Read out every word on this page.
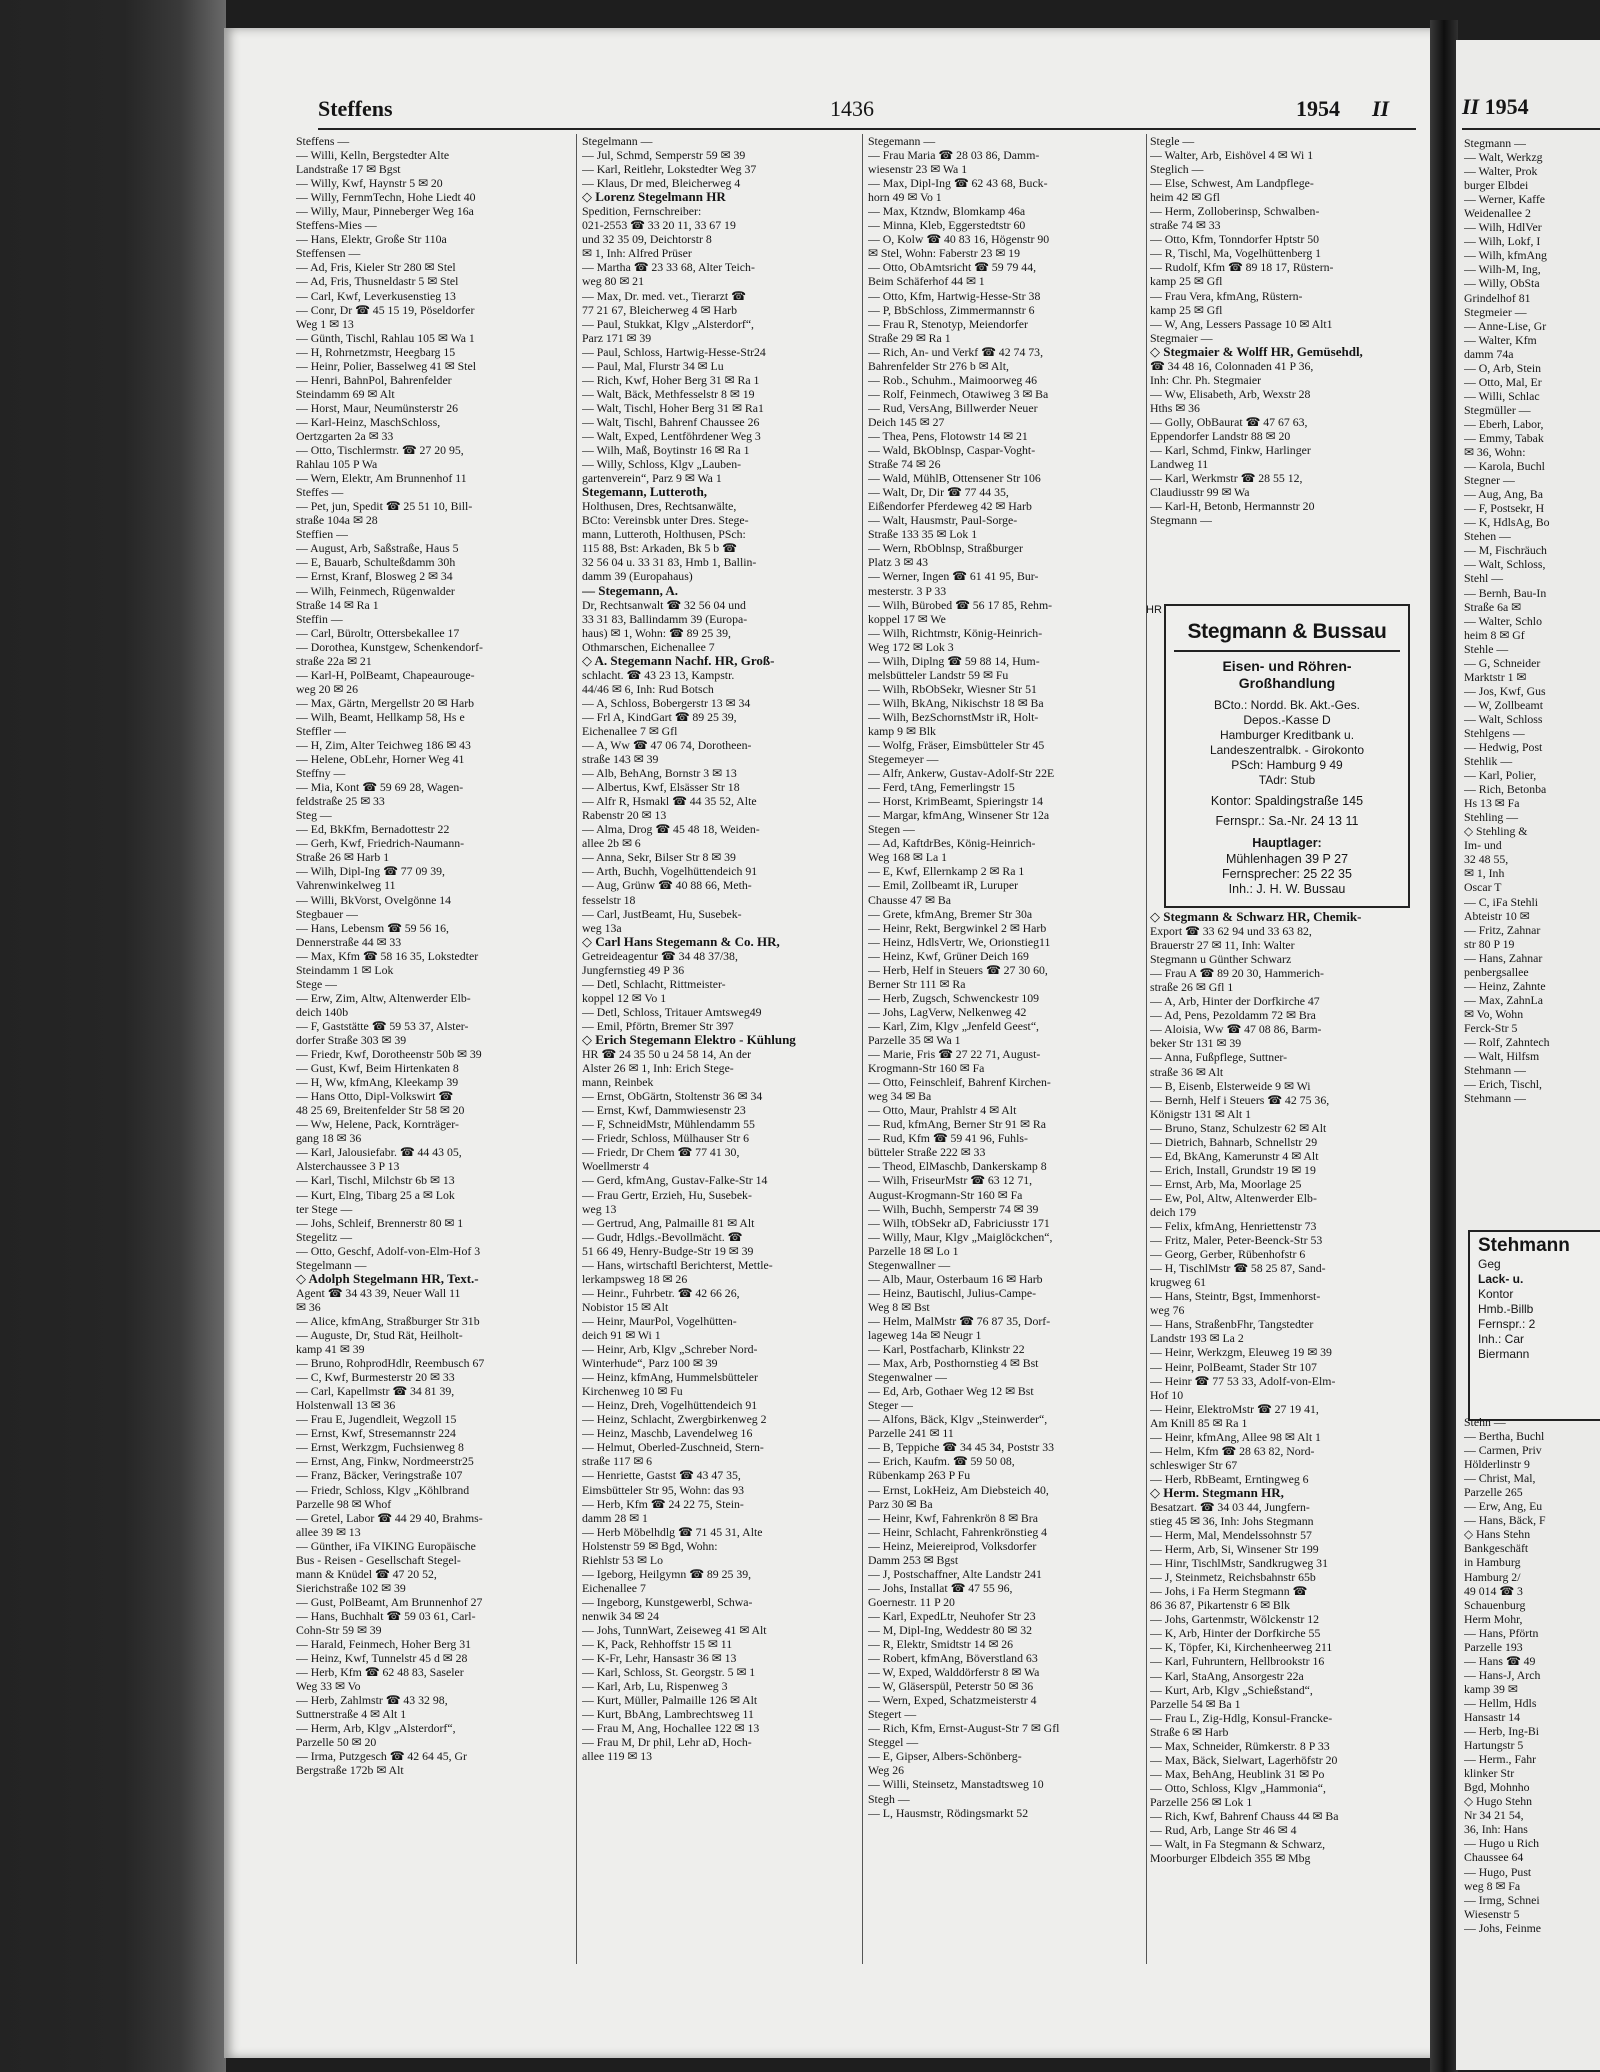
Steffens	1436	1954 II
Steffens —
— Willi, Kelln, Bergstedter Alte
Landstraße 17 ✉ Bgst
— Willy, Kwf, Haynstr 5 ✉ 20
— Willy, FernmTechn, Hohe Liedt 40
— Willy, Maur, Pinneberger Weg 16a
Steffens-Mies —
— Hans, Elektr, Große Str 110a
Steffensen —
— Ad, Fris, Kieler Str 280 ✉ Stel
— Ad, Fris, Thusneldastr 5 ✉ Stel
— Carl, Kwf, Leverkusenstieg 13
— Conr, Dr ☎ 45 15 19, Pöseldorfer
Weg 1 ✉ 13
— Günth, Tischl, Rahlau 105 ✉ Wa 1
— H, Rohrnetzmstr, Heegbarg 15
— Heinr, Polier, Basselweg 41 ✉ Stel
— Henri, BahnPol, Bahrenfelder
Steindamm 69 ✉ Alt
— Horst, Maur, Neumünsterstr 26
— Karl-Heinz, MaschSchloss,
Oertzgarten 2a ✉ 33
— Otto, Tischlermstr. ☎ 27 20 95,
Rahlau 105 P Wa
— Wern, Elektr, Am Brunnenhof 11
Steffes —
— Pet, jun, Spedit ☎ 25 51 10, Bill-
straße 104a ✉ 28
Steffien —
— August, Arb, Saßstraße, Haus 5
— E, Bauarb, Schulteßdamm 30h
— Ernst, Kranf, Blosweg 2 ✉ 34
— Wilh, Feinmech, Rügenwalder
Straße 14 ✉ Ra 1
Steffin —
— Carl, Büroltr, Ottersbekallee 17
— Dorothea, Kunstgew, Schenkendorf-
straße 22a ✉ 21
— Karl-H, PolBeamt, Chapeaurouge-
weg 20 ✉ 26
— Max, Gärtn, Mergellstr 20 ✉ Harb
— Wilh, Beamt, Hellkamp 58, Hs e
Steffler —
— H, Zim, Alter Teichweg 186 ✉ 43
— Helene, ObLehr, Horner Weg 41
Steffny —
— Mia, Kont ☎ 59 69 28, Wagen-
feldstraße 25 ✉ 33
Steg —
— Ed, BkKfm, Bernadottestr 22
— Gerh, Kwf, Friedrich-Naumann-
Straße 26 ✉ Harb 1
— Wilh, Dipl-Ing ☎ 77 09 39,
Vahrenwinkelweg 11
— Willi, BkVorst, Ovelgönne 14
Stegbauer —
— Hans, Lebensm ☎ 59 56 16,
Dennerstraße 44 ✉ 33
— Max, Kfm ☎ 58 16 35, Lokstedter
Steindamm 1 ✉ Lok
Stege —
— Erw, Zim, Altw, Altenwerder Elb-
deich 140b
— F, Gaststätte ☎ 59 53 37, Alster-
dorfer Straße 303 ✉ 39
— Friedr, Kwf, Dorotheenstr 50b ✉ 39
— Gust, Kwf, Beim Hirtenkaten 8
— H, Ww, kfmAng, Kleekamp 39
— Hans Otto, Dipl-Volkswirt ☎
48 25 69, Breitenfelder Str 58 ✉ 20
— Ww, Helene, Pack, Kornträger-
gang 18 ✉ 36
— Karl, Jalousiefabr. ☎ 44 43 05,
Alsterchaussee 3 P 13
— Karl, Tischl, Milchstr 6b ✉ 13
— Kurt, Elng, Tibarg 25 a ✉ Lok
ter Stege —
— Johs, Schleif, Brennerstr 80 ✉ 1
Stegelitz —
— Otto, Geschf, Adolf-von-Elm-Hof 3
Stegelmann —
◇ Adolph Stegelmann HR, Text.-
Agent ☎ 34 43 39, Neuer Wall 11
✉ 36
— Alice, kfmAng, Straßburger Str 31b
— Auguste, Dr, Stud Rät, Heilholt-
kamp 41 ✉ 39
— Bruno, RohprodHdlr, Reembusch 67
— C, Kwf, Burmesterstr 20 ✉ 33
— Carl, Kapellmstr ☎ 34 81 39,
Holstenwall 13 ✉ 36
— Frau E, Jugendleit, Wegzoll 15
— Ernst, Kwf, Stresemannstr 224
— Ernst, Werkzgm, Fuchsienweg 8
— Ernst, Ang, Finkw, Nordmeerstr25
— Franz, Bäcker, Veringstraße 107
— Friedr, Schloss, Klgv „Köhlbrand
Parzelle 98 ✉ Whof
— Gretel, Labor ☎ 44 29 40, Brahms-
allee 39 ✉ 13
— Günther, iFa VIKING Europäische
Bus - Reisen - Gesellschaft Stegel-
mann & Knüdel ☎ 47 20 52,
Sierichstraße 102 ✉ 39
— Gust, PolBeamt, Am Brunnenhof 27
— Hans, Buchhalt ☎ 59 03 61, Carl-
Cohn-Str 59 ✉ 39
— Harald, Feinmech, Hoher Berg 31
— Heinz, Kwf, Tunnelstr 45 d ✉ 28
— Herb, Kfm ☎ 62 48 83, Saseler
Weg 33 ✉ Vo
— Herb, Zahlmstr ☎ 43 32 98,
Suttnerstraße 4 ✉ Alt 1
— Herm, Arb, Klgv „Alsterdorf“,
Parzelle 50 ✉ 20
— Irma, Putzgesch ☎ 42 64 45, Gr
Bergstraße 172b ✉ Alt
Stegelmann —
— Jul, Schmd, Semperstr 59 ✉ 39
— Karl, Reitlehr, Lokstedter Weg 37
— Klaus, Dr med, Bleicherweg 4
◇ Lorenz Stegelmann HR
Spedition, Fernschreiber:
021-2553 ☎ 33 20 11, 33 67 19
und 32 35 09, Deichtorstr 8
✉ 1, Inh: Alfred Prüser
— Martha ☎ 23 33 68, Alter Teich-
weg 80 ✉ 21
— Max, Dr. med. vet., Tierarzt ☎
77 21 67, Bleicherweg 4 ✉ Harb
— Paul, Stukkat, Klgv „Alsterdorf“,
Parz 171 ✉ 39
— Paul, Schloss, Hartwig-Hesse-Str24
— Paul, Mal, Flurstr 34 ✉ Lu
— Rich, Kwf, Hoher Berg 31 ✉ Ra 1
— Walt, Bäck, Methfesselstr 8 ✉ 19
— Walt, Tischl, Hoher Berg 31 ✉ Ra1
— Walt, Tischl, Bahrenf Chaussee 26
— Walt, Exped, Lentföhrdener Weg 3
— Wilh, Maß, Boytinstr 16 ✉ Ra 1
— Willy, Schloss, Klgv „Lauben-
gartenverein“, Parz 9 ✉ Wa 1
Stegemann, Lutteroth,
Holthusen, Dres, Rechtsanwälte,
BCto: Vereinsbk unter Dres. Stege-
mann, Lutteroth, Holthusen, PSch:
115 88, Bst: Arkaden, Bk 5 b ☎
32 56 04 u. 33 31 83, Hmb 1, Ballin-
damm 39 (Europahaus)
— Stegemann, A.
Dr, Rechtsanwalt ☎ 32 56 04 und
33 31 83, Ballindamm 39 (Europa-
haus) ✉ 1, Wohn: ☎ 89 25 39,
Othmarschen, Eichenallee 7
◇ A. Stegemann Nachf. HR, Groß-
schlacht. ☎ 43 23 13, Kampstr.
44/46 ✉ 6, Inh: Rud Botsch
— A, Schloss, Bobergerstr 13 ✉ 34
— Frl A, KindGart ☎ 89 25 39,
Eichenallee 7 ✉ Gfl
— A, Ww ☎ 47 06 74, Dorotheen-
straße 143 ✉ 39
— Alb, BehAng, Bornstr 3 ✉ 13
— Albertus, Kwf, Elsässer Str 18
— Alfr R, Hsmakl ☎ 44 35 52, Alte
Rabenstr 20 ✉ 13
— Alma, Drog ☎ 45 48 18, Weiden-
allee 2b ✉ 6
— Anna, Sekr, Bilser Str 8 ✉ 39
— Arth, Buchh, Vogelhüttendeich 91
— Aug, Grünw ☎ 40 88 66, Meth-
fesselstr 18
— Carl, JustBeamt, Hu, Susebek-
weg 13a
◇ Carl Hans Stegemann & Co. HR,
Getreideagentur ☎ 34 48 37/38,
Jungfernstieg 49 P 36
— Detl, Schlacht, Rittmeister-
koppel 12 ✉ Vo 1
— Detl, Schloss, Tritauer Amtsweg49
— Emil, Pförtn, Bremer Str 397
◇ Erich Stegemann Elektro - Kühlung
HR ☎ 24 35 50 u 24 58 14, An der
Alster 26 ✉ 1, Inh: Erich Stege-
mann, Reinbek
— Ernst, ObGärtn, Stoltenstr 36 ✉ 34
— Ernst, Kwf, Dammwiesenstr 23
— F, SchneidMstr, Mühlendamm 55
— Friedr, Schloss, Mülhauser Str 6
— Friedr, Dr Chem ☎ 77 41 30,
Woellmerstr 4
— Gerd, kfmAng, Gustav-Falke-Str 14
— Frau Gertr, Erzieh, Hu, Susebek-
weg 13
— Gertrud, Ang, Palmaille 81 ✉ Alt
— Gudr, Hdlgs.-Bevollmächt. ☎
51 66 49, Henry-Budge-Str 19 ✉ 39
— Hans, wirtschaftl Berichterst, Mettle-
lerkampsweg 18 ✉ 26
— Heinr., Fuhrbetr. ☎ 42 66 26,
Nobistor 15 ✉ Alt
— Heinr, MaurPol, Vogelhütten-
deich 91 ✉ Wi 1
— Heinr, Arb, Klgv „Schreber Nord-
Winterhude“, Parz 100 ✉ 39
— Heinz, kfmAng, Hummelsbütteler
Kirchenweg 10 ✉ Fu
— Heinz, Dreh, Vogelhüttendeich 91
— Heinz, Schlacht, Zwergbirkenweg 2
— Heinz, Maschb, Lavendelweg 16
— Helmut, Oberled-Zuschneid, Stern-
straße 117 ✉ 6
— Henriette, Gastst ☎ 43 47 35,
Eimsbütteler Str 95, Wohn: das 93
— Herb, Kfm ☎ 24 22 75, Stein-
damm 28 ✉ 1
— Herb Möbelhdlg ☎ 71 45 31, Alte
Holstenstr 59 ✉ Bgd, Wohn:
Riehlstr 53 ✉ Lo
— Igeborg, Heilgymn ☎ 89 25 39,
Eichenallee 7
— Ingeborg, Kunstgewerbl, Schwa-
nenwik 34 ✉ 24
— Johs, TunnWart, Zeiseweg 41 ✉ Alt
— K, Pack, Rehhoffstr 15 ✉ 11
— K-Fr, Lehr, Hansastr 36 ✉ 13
— Karl, Schloss, St. Georgstr. 5 ✉ 1
— Karl, Arb, Lu, Rispenweg 3
— Kurt, Müller, Palmaille 126 ✉ Alt
— Kurt, BbAng, Lambrechtsweg 11
— Frau M, Ang, Hochallee 122 ✉ 13
— Frau M, Dr phil, Lehr aD, Hoch-
allee 119 ✉ 13
Stegemann —
— Frau Maria ☎ 28 03 86, Damm-
wiesenstr 23 ✉ Wa 1
— Max, Dipl-Ing ☎ 62 43 68, Buck-
horn 49 ✉ Vo 1
— Max, Ktzndw, Blomkamp 46a
— Minna, Kleb, Eggerstedtstr 60
— O, Kolw ☎ 40 83 16, Högenstr 90
✉ Stel, Wohn: Faberstr 23 ✉ 19
— Otto, ObAmtsricht ☎ 59 79 44,
Beim Schäferhof 44 ✉ 1
— Otto, Kfm, Hartwig-Hesse-Str 38
— P, BbSchloss, Zimmermannstr 6
— Frau R, Stenotyp, Meiendorfer
Straße 29 ✉ Ra 1
— Rich, An- und Verkf ☎ 42 74 73,
Bahrenfelder Str 276 b ✉ Alt,
— Rob., Schuhm., Maimoorweg 46
— Rolf, Feinmech, Otawiweg 3 ✉ Ba
— Rud, VersAng, Billwerder Neuer
Deich 145 ✉ 27
— Thea, Pens, Flotowstr 14 ✉ 21
— Wald, BkOblnsp, Caspar-Voght-
Straße 74 ✉ 26
— Wald, MühlB, Ottensener Str 106
— Walt, Dr, Dir ☎ 77 44 35,
Eißendorfer Pferdeweg 42 ✉ Harb
— Walt, Hausmstr, Paul-Sorge-
Straße 133 35 ✉ Lok 1
— Wern, RbOblnsp, Straßburger
Platz 3 ✉ 43
— Werner, Ingen ☎ 61 41 95, Bur-
mesterstr. 3 P 33
— Wilh, Bürobed ☎ 56 17 85, Rehm-
koppel 17 ✉ We
— Wilh, Richtmstr, König-Heinrich-
Weg 172 ✉ Lok 3
— Wilh, Diplng ☎ 59 88 14, Hum-
melsbütteler Landstr 59 ✉ Fu
— Wilh, RbObSekr, Wiesner Str 51
— Wilh, BkAng, Nikischstr 18 ✉ Ba
— Wilh, BezSchornstMstr iR, Holt-
kamp 9 ✉ Blk
— Wolfg, Fräser, Eimsbütteler Str 45
Stegemeyer —
— Alfr, Ankerw, Gustav-Adolf-Str 22E
— Ferd, tAng, Femerlingstr 15
— Horst, KrimBeamt, Spieringstr 14
— Margar, kfmAng, Winsener Str 12a
Stegen —
— Ad, KaftdrBes, König-Heinrich-
Weg 168 ✉ La 1
— E, Kwf, Ellernkamp 2 ✉ Ra 1
— Emil, Zollbeamt iR, Luruper
Chausse 47 ✉ Ba
— Grete, kfmAng, Bremer Str 30a
— Heinr, Rekt, Bergwinkel 2 ✉ Harb
— Heinz, HdlsVertr, We, Orionstieg11
— Heinz, Kwf, Grüner Deich 169
— Herb, Helf in Steuers ☎ 27 30 60,
Berner Str 111 ✉ Ra
— Herb, Zugsch, Schwenckestr 109
— Johs, LagVerw, Nelkenweg 42
— Karl, Zim, Klgv „Jenfeld Geest“,
Parzelle 35 ✉ Wa 1
— Marie, Fris ☎ 27 22 71, August-
Krogmann-Str 160 ✉ Fa
— Otto, Feinschleif, Bahrenf Kirchen-
weg 34 ✉ Ba
— Otto, Maur, Prahlstr 4 ✉ Alt
— Rud, kfmAng, Berner Str 91 ✉ Ra
— Rud, Kfm ☎ 59 41 96, Fuhls-
bütteler Straße 222 ✉ 33
— Theod, ElMaschb, Dankerskamp 8
— Wilh, FriseurMstr ☎ 63 12 71,
August-Krogmann-Str 160 ✉ Fa
— Wilh, Buchh, Semperstr 74 ✉ 39
— Wilh, tObSekr aD, Fabriciusstr 171
— Willy, Maur, Klgv „Maiglöckchen“,
Parzelle 18 ✉ Lo 1
Stegenwallner —
— Alb, Maur, Osterbaum 16 ✉ Harb
— Heinz, Bautischl, Julius-Campe-
Weg 8 ✉ Bst
— Helm, MalMstr ☎ 76 87 35, Dorf-
lageweg 14a ✉ Neugr 1
— Karl, Postfacharb, Klinkstr 22
— Max, Arb, Posthornstieg 4 ✉ Bst
Stegenwalner —
— Ed, Arb, Gothaer Weg 12 ✉ Bst
Steger —
— Alfons, Bäck, Klgv „Steinwerder“,
Parzelle 241 ✉ 11
— B, Teppiche ☎ 34 45 34, Poststr 33
— Erich, Kaufm. ☎ 59 50 08,
Rübenkamp 263 P Fu
— Ernst, LokHeiz, Am Diebsteich 40,
Parz 30 ✉ Ba
— Heinr, Kwf, Fahrenkrön 8 ✉ Bra
— Heinr, Schlacht, Fahrenkrönstieg 4
— Heinz, Meiereiprod, Volksdorfer
Damm 253 ✉ Bgst
— J, Postschaffner, Alte Landstr 241
— Johs, Installat ☎ 47 55 96,
Goernestr. 11 P 20
— Karl, ExpedLtr, Neuhofer Str 23
— M, Dipl-Ing, Weddestr 80 ✉ 32
— R, Elektr, Smidtstr 14 ✉ 26
— Robert, kfmAng, Böverstland 63
— W, Exped, Walddörferstr 8 ✉ Wa
— W, Gläserspül, Peterstr 50 ✉ 36
— Wern, Exped, Schatzmeisterstr 4
Stegert —
— Rich, Kfm, Ernst-August-Str 7 ✉ Gfl
Steggel —
— E, Gipser, Albers-Schönberg-
Weg 26
— Willi, Steinsetz, Manstadtsweg 10
Stegh —
— L, Hausmstr, Rödingsmarkt 52
Stegle —
— Walter, Arb, Eishövel 4 ✉ Wi 1
Steglich —
— Else, Schwest, Am Landpflege-
heim 42 ✉ Gfl
— Herm, Zolloberinsp, Schwalben-
straße 74 ✉ 33
— Otto, Kfm, Tonndorfer Hptstr 50
— R, Tischl, Ma, Vogelhüttenberg 1
— Rudolf, Kfm ☎ 89 18 17, Rüstern-
kamp 25 ✉ Gfl
— Frau Vera, kfmAng, Rüstern-
kamp 25 ✉ Gfl
— W, Ang, Lessers Passage 10 ✉ Alt1
Stegmaier —
◇ Stegmaier & Wolff HR, Gemüsehdl,
☎ 34 48 16, Colonnaden 41 P 36,
Inh: Chr. Ph. Stegmaier
— Ww, Elisabeth, Arb, Wexstr 28
Hths ✉ 36
— Golly, ObBaurat ☎ 47 67 63,
Eppendorfer Landstr 88 ✉ 20
— Karl, Schmd, Finkw, Harlinger
Landweg 11
— Karl, Werkmstr ☎ 28 55 12,
Claudiusstr 99 ✉ Wa
— Karl-H, Betonb, Hermannstr 20
Stegmann —
HR
Stegmann & Bussau
Eisen- und Röhren-
Großhandlung
BCto.: Nordd. Bk. Akt.-Ges.
Depos.-Kasse D
Hamburger Kreditbank u.
Landeszentralbk. - Girokonto
PSch: Hamburg 9 49
TAdr: Stub
Kontor: Spaldingstraße 145
Fernspr.: Sa.-Nr. 24 13 11
Hauptlager:
Mühlenhagen 39 P 27
Fernsprecher: 25 22 35
Inh.: J. H. W. Bussau
◇ Stegmann & Schwarz HR, Chemik-
Export ☎ 33 62 94 und 33 63 82,
Brauerstr 27 ✉ 11, Inh: Walter
Stegmann u Günther Schwarz
— Frau A ☎ 89 20 30, Hammerich-
straße 26 ✉ Gfl 1
— A, Arb, Hinter der Dorfkirche 47
— Ad, Pens, Pezoldamm 72 ✉ Bra
— Aloisia, Ww ☎ 47 08 86, Barm-
beker Str 131 ✉ 39
— Anna, Fußpflege, Suttner-
straße 36 ✉ Alt
— B, Eisenb, Elsterweide 9 ✉ Wi
— Bernh, Helf i Steuers ☎ 42 75 36,
Königstr 131 ✉ Alt 1
— Bruno, Stanz, Schulzestr 62 ✉ Alt
— Dietrich, Bahnarb, Schnellstr 29
— Ed, BkAng, Kamerunstr 4 ✉ Alt
— Erich, Install, Grundstr 19 ✉ 19
— Ernst, Arb, Ma, Moorlage 25
— Ew, Pol, Altw, Altenwerder Elb-
deich 179
— Felix, kfmAng, Henriettenstr 73
— Fritz, Maler, Peter-Beenck-Str 53
— Georg, Gerber, Rübenhofstr 6
— H, TischlMstr ☎ 58 25 87, Sand-
krugweg 61
— Hans, Steintr, Bgst, Immenhorst-
weg 76
— Hans, StraßenbFhr, Tangstedter
Landstr 193 ✉ La 2
— Heinr, Werkzgm, Eleuweg 19 ✉ 39
— Heinr, PolBeamt, Stader Str 107
— Heinr ☎ 77 53 33, Adolf-von-Elm-
Hof 10
— Heinr, ElektroMstr ☎ 27 19 41,
Am Knill 85 ✉ Ra 1
— Heinr, kfmAng, Allee 98 ✉ Alt 1
— Helm, Kfm ☎ 28 63 82, Nord-
schleswiger Str 67
— Herb, RbBeamt, Erntingweg 6
◇ Herm. Stegmann HR,
Besatzart. ☎ 34 03 44, Jungfern-
stieg 45 ✉ 36, Inh: Johs Stegmann
— Herm, Mal, Mendelssohnstr 57
— Herm, Arb, Si, Winsener Str 199
— Hinr, TischlMstr, Sandkrugweg 31
— J, Steinmetz, Reichsbahnstr 65b
— Johs, i Fa Herm Stegmann ☎
86 36 87, Pikartenstr 6 ✉ Blk
— Johs, Gartenmstr, Wölckenstr 12
— K, Arb, Hinter der Dorfkirche 55
— K, Töpfer, Ki, Kirchenheerweg 211
— Karl, Fuhruntern, Hellbrookstr 16
— Karl, StaAng, Ansorgestr 22a
— Kurt, Arb, Klgv „Schießstand“,
Parzelle 54 ✉ Ba 1
— Frau L, Zig-Hdlg, Konsul-Francke-
Straße 6 ✉ Harb
— Max, Schneider, Rümkerstr. 8 P 33
— Max, Bäck, Sielwart, Lagerhöfstr 20
— Max, BehAng, Heublink 31 ✉ Po
— Otto, Schloss, Klgv „Hammonia“,
Parzelle 256 ✉ Lok 1
— Rich, Kwf, Bahrenf Chauss 44 ✉ Ba
— Rud, Arb, Lange Str 46 ✉ 4
— Walt, in Fa Stegmann & Schwarz,
Moorburger Elbdeich 355 ✉ Mbg
II 1954
Stegmann —
— Walt, Werkzg
— Walter, Prok
burger Elbdei
— Werner, Kaffe
Weidenallee 2
— Wilh, HdlVer
— Wilh, Lokf, I
— Wilh, kfmAng
— Wilh-M, Ing,
— Willy, ObSta
Grindelhof 81
Stegmeier —
— Anne-Lise, Gr
— Walter, Kfm
damm 74a
— O, Arb, Stein
— Otto, Mal, Er
— Willi, Schlac
Stegmüller —
— Eberh, Labor,
— Emmy, Tabak
✉ 36, Wohn:
— Karola, Buchl
Stegner —
— Aug, Ang, Ba
— F, Postsekr, H
— K, HdlsAg, Bo
Stehen —
— M, Fischräuch
— Walt, Schloss,
Stehl —
— Bernh, Bau-In
Straße 6a ✉
— Walter, Schlo
heim 8 ✉ Gf
Stehle —
— G, Schneider
Marktstr 1 ✉
— Jos, Kwf, Gus
— W, Zollbeamt
— Walt, Schloss
Stehlgens —
— Hedwig, Post
Stehlik —
— Karl, Polier,
— Rich, Betonba
Hs 13 ✉ Fa
Stehling —
◇ Stehling &
Im- und
32 48 55,
✉ 1, Inh
Oscar T
— C, iFa Stehli
Abteistr 10 ✉
— Fritz, Zahnar
str 80 P 19
— Hans, Zahnar
penbergsallee
— Heinz, Zahnte
— Max, ZahnLa
✉ Vo, Wohn
Ferck-Str 5
— Rolf, Zahntech
— Walt, Hilfsm
Stehmann —
— Erich, Tischl,
Stehmann —
Stehmann
Geg
Lack- u.
Kontor
Hmb.-Billb
Fernspr.: 2
Inh.: Car
Biermann
Stehn —
— Bertha, Buchl
— Carmen, Priv
Hölderlinstr 9
— Christ, Mal,
Parzelle 265
— Erw, Ang, Eu
— Hans, Bäck, F
◇ Hans Stehn
Bankgeschäft
in Hamburg
Hamburg 2/
49 014 ☎ 3
Schauenburg
Herm Mohr,
— Hans, Pförtn
Parzelle 193
— Hans ☎ 49
— Hans-J, Arch
kamp 39 ✉
— Hellm, Hdls
Hansastr 14
— Herb, Ing-Bi
Hartungstr 5
— Herm., Fahr
klinker Str
Bgd, Mohnho
◇ Hugo Stehn
Nr 34 21 54,
36, Inh: Hans
— Hugo u Rich
Chaussee 64
— Hugo, Pust
weg 8 ✉ Fa
— Irmg, Schnei
Wiesenstr 5
— Johs, Feinme
